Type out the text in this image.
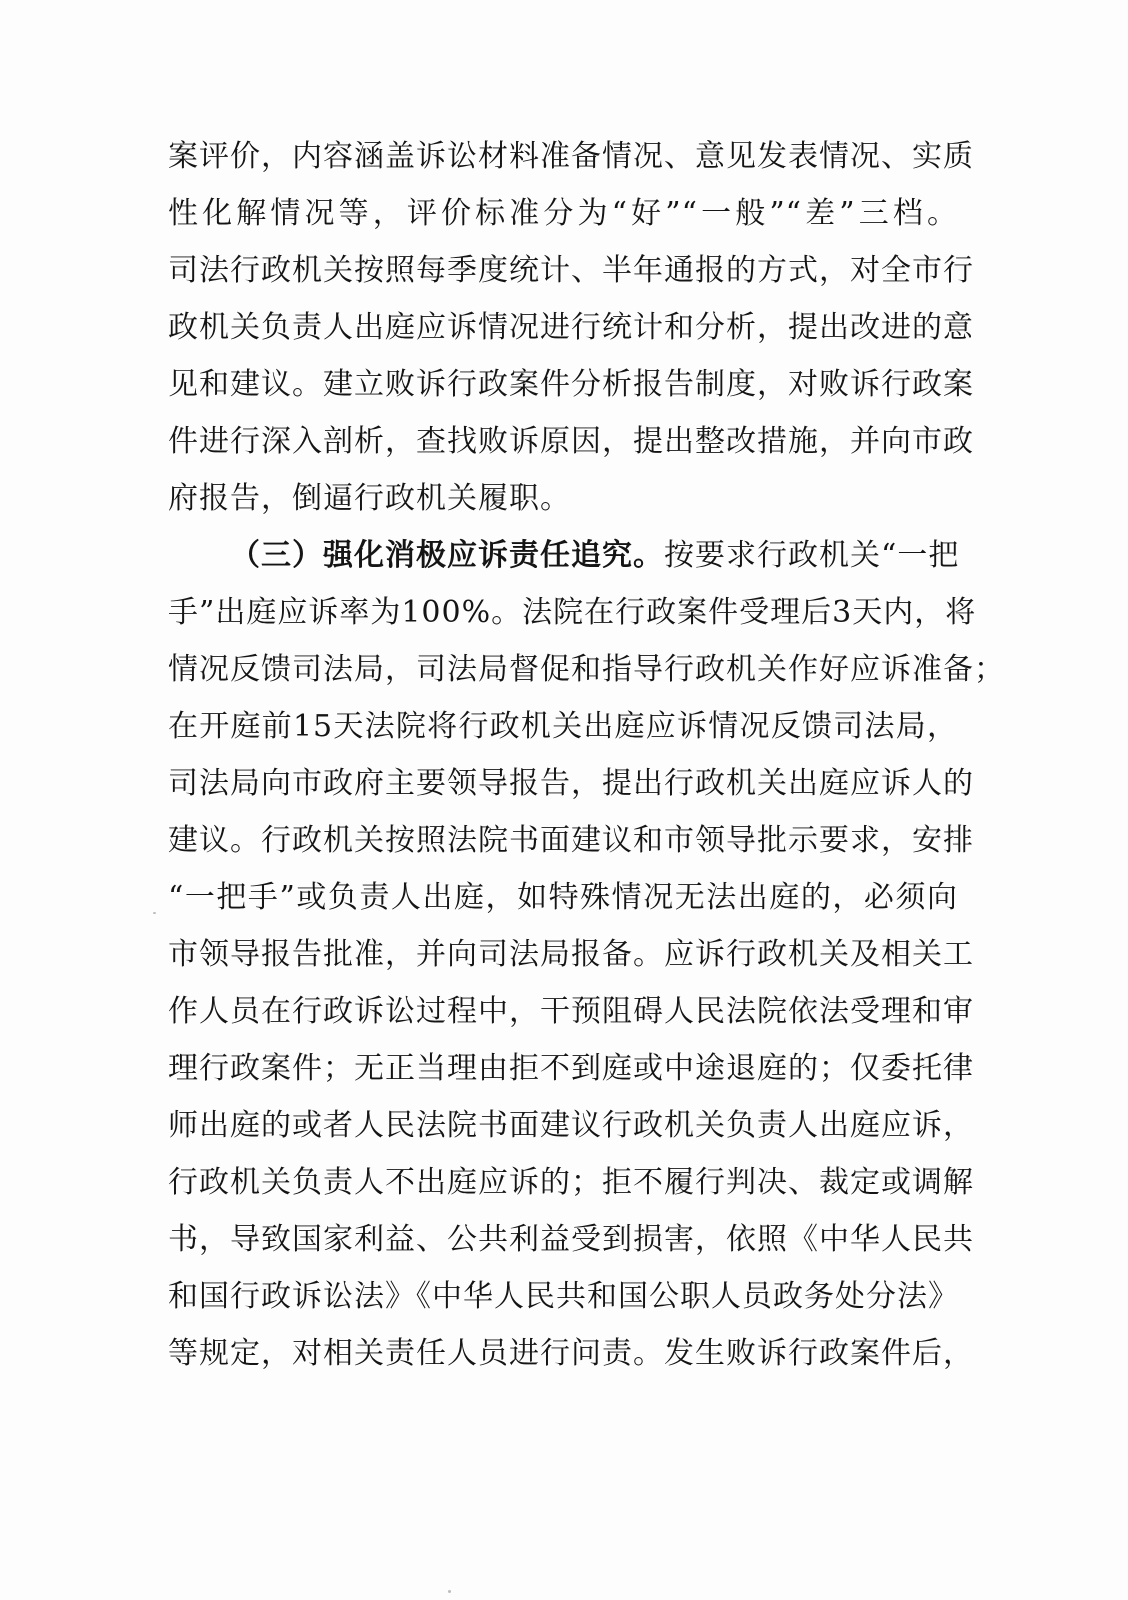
案评价，内容涵盖诉讼材料准备情况、意见发表情况、实质
性化解情况等，评价标准分为“好”“一般”“差”三档。
司法行政机关按照每季度统计、半年通报的方式，对全市行
政机关负责人出庭应诉情况进行统计和分析，提出改进的意
见和建议。建立败诉行政案件分析报告制度，对败诉行政案
件进行深入剖析，查找败诉原因，提出整改措施，并向市政
府报告，倒逼行政机关履职。
（三）强化消极应诉责任追究。按要求行政机关“一把
手”出庭应诉率为100%。法院在行政案件受理后3天内，将
情况反馈司法局，司法局督促和指导行政机关作好应诉准备；
在开庭前15天法院将行政机关出庭应诉情况反馈司法局，
司法局向市政府主要领导报告，提出行政机关出庭应诉人的
建议。行政机关按照法院书面建议和市领导批示要求，安排
“一把手”或负责人出庭，如特殊情况无法出庭的，必须向
市领导报告批准，并向司法局报备。应诉行政机关及相关工
作人员在行政诉讼过程中，干预阻碍人民法院依法受理和审
理行政案件；无正当理由拒不到庭或中途退庭的；仅委托律
师出庭的或者人民法院书面建议行政机关负责人出庭应诉，
行政机关负责人不出庭应诉的；拒不履行判决、裁定或调解
书，导致国家利益、公共利益受到损害，依照《中华人民共
和国行政诉讼法》《中华人民共和国公职人员政务处分法》
等规定，对相关责任人员进行问责。发生败诉行政案件后，
